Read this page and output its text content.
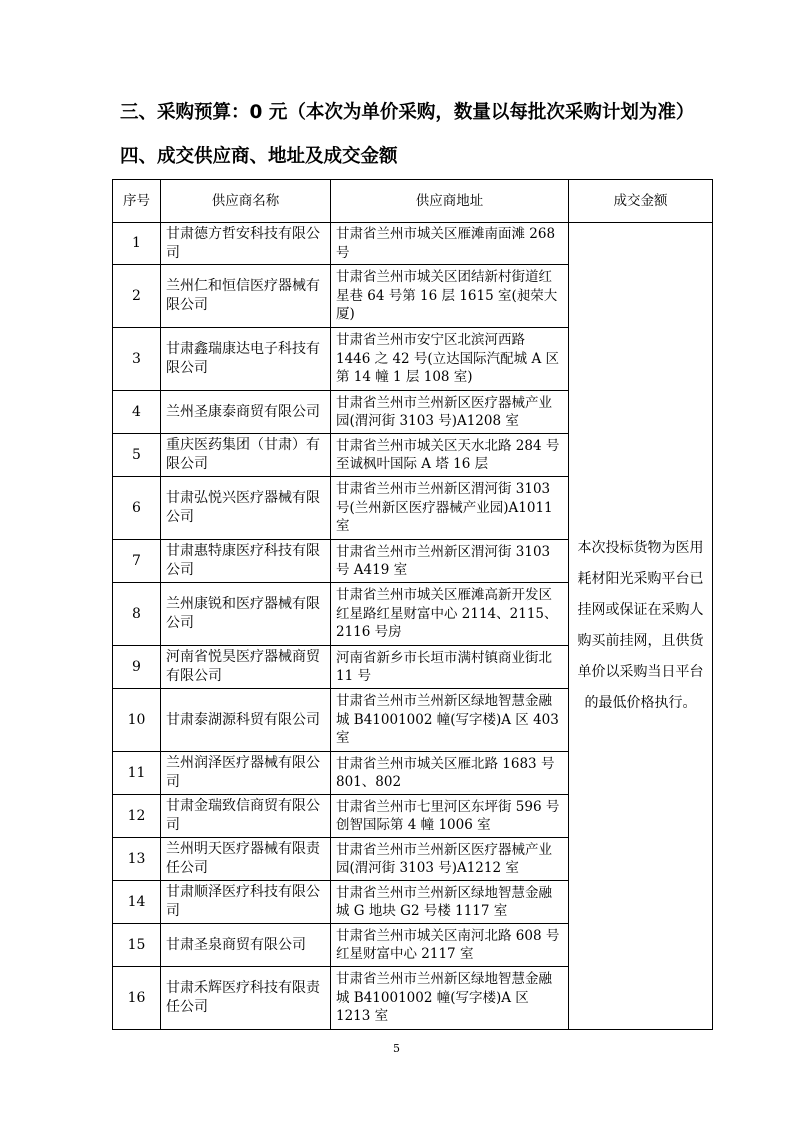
三、采购预算：0 元（本次为单价采购，数量以每批次采购计划为准）
四、成交供应商、地址及成交金额
序号	供应商名称	供应商地址	成交金额
1	甘肃德方哲安科技有限公司	甘肃省兰州市城关区雁滩南面滩 268 号	本次投标货物为医用耗材阳光采购平台已挂网或保证在采购人购买前挂网，且供货单价以采购当日平台的最低价格执行。
2	兰州仁和恒信医疗器械有限公司	甘肃省兰州市城关区团结新村街道红星巷 64 号第 16 层 1615 室(昶荣大厦)	
3	甘肃鑫瑞康达电子科技有限公司	甘肃省兰州市安宁区北滨河西路 1446 之 42 号(立达国际汽配城 A 区第 14 幢 1 层 108 室)	
4	兰州圣康泰商贸有限公司	甘肃省兰州市兰州新区医疗器械产业园(渭河街 3103 号)A1208 室	
5	重庆医药集团（甘肃）有限公司	甘肃省兰州市城关区天水北路 284 号至诚枫叶国际 A 塔 16 层	
6	甘肃弘悦兴医疗器械有限公司	甘肃省兰州市兰州新区渭河街 3103 号(兰州新区医疗器械产业园)A1011 室	
7	甘肃惠特康医疗科技有限公司	甘肃省兰州市兰州新区渭河街 3103 号 A419 室	
8	兰州康锐和医疗器械有限公司	甘肃省兰州市城关区雁滩高新开发区红星路红星财富中心 2114、2115、2116 号房	
9	河南省悦昊医疗器械商贸有限公司	河南省新乡市长垣市满村镇商业街北 11 号	
10	甘肃泰湖源科贸有限公司	甘肃省兰州市兰州新区绿地智慧金融城 B41001002 幢(写字楼)A 区 403 室	
11	兰州润泽医疗器械有限公司	甘肃省兰州市城关区雁北路 1683 号 801、802	
12	甘肃金瑞致信商贸有限公司	甘肃省兰州市七里河区东坪街 596 号创智国际第 4 幢 1006 室	
13	兰州明天医疗器械有限责任公司	甘肃省兰州市兰州新区医疗器械产业园(渭河街 3103 号)A1212 室	
14	甘肃顺泽医疗科技有限公司	甘肃省兰州市兰州新区绿地智慧金融城 G 地块 G2 号楼 1117 室	
15	甘肃圣泉商贸有限公司	甘肃省兰州市城关区南河北路 608 号红星财富中心 2117 室	
16	甘肃禾辉医疗科技有限责任公司	甘肃省兰州市兰州新区绿地智慧金融城 B41001002 幢(写字楼)A 区 1213 室	
5
